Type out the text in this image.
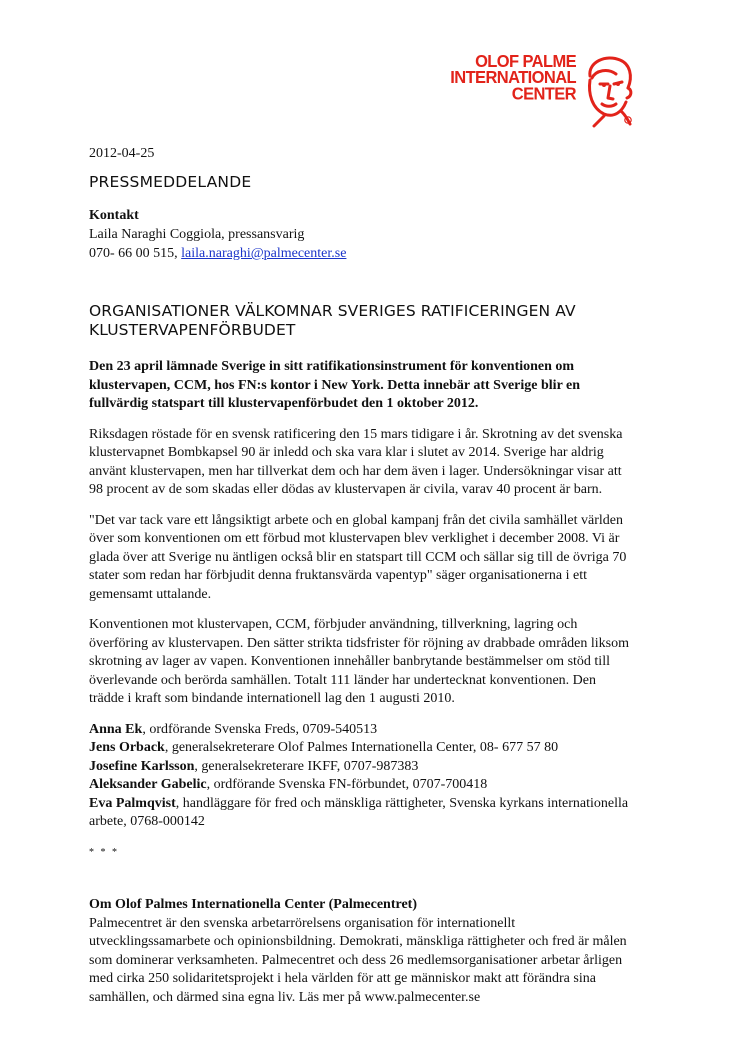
OLOF PALME
INTERNATIONAL
CENTER
2012-04-25
PRESSMEDDELANDE
Kontakt
Laila Naraghi Coggiola, pressansvarig
070- 66 00 515, laila.naraghi@palmecenter.se
ORGANISATIONER VÄLKOMNAR SVERIGES RATIFICERINGEN AV KLUSTERVAPENFÖRBUDET

Den 23 april lämnade Sverige in sitt ratifikationsinstrument för konventionen om klustervapen, CCM, hos FN:s kontor i New York. Detta innebär att Sverige blir en fullvärdig statspart till klustervapenförbudet den 1 oktober 2012.

Riksdagen röstade för en svensk ratificering den 15 mars tidigare i år. Skrotning av det svenska klustervapnet Bombkapsel 90 är inledd och ska vara klar i slutet av 2014. Sverige har aldrig använt klustervapen, men har tillverkat dem och har dem även i lager. Undersökningar visar att 98 procent av de som skadas eller dödas av klustervapen är civila, varav 40 procent är barn.

"Det var tack vare ett långsiktigt arbete och en global kampanj från det civila samhället världen över som konventionen om ett förbud mot klustervapen blev verklighet i december 2008. Vi är glada över att Sverige nu äntligen också blir en statspart till CCM och sällar sig till de övriga 70 stater som redan har förbjudit denna fruktansvärda vapentyp" säger organisationerna i ett gemensamt uttalande.

Konventionen mot klustervapen, CCM, förbjuder användning, tillverkning, lagring och överföring av klustervapen. Den sätter strikta tidsfrister för röjning av drabbade områden liksom skrotning av lager av vapen. Konventionen innehåller banbrytande bestämmelser om stöd till överlevande och berörda samhällen. Totalt 111 länder har undertecknat konventionen. Den trädde i kraft som bindande internationell lag den 1 augusti 2010.

Anna Ek, ordförande Svenska Freds, 0709-540513

Jens Orback, generalsekreterare Olof Palmes Internationella Center, 08- 677 57 80

Josefine Karlsson, generalsekreterare IKFF, 0707-987383

Aleksander Gabelic, ordförande Svenska FN-förbundet, 0707-700418

Eva Palmqvist, handläggare för fred och mänskliga rättigheter, Svenska kyrkans internationella arbete, 0768-000142

* * *
Om Olof Palmes Internationella Center (Palmecentret)
Palmecentret är den svenska arbetarrörelsens organisation för internationellt utvecklingssamarbete och opinionsbildning. Demokrati, mänskliga rättigheter och fred är målen som dominerar verksamheten. Palmecentret och dess 26 medlemsorganisationer arbetar årligen med cirka 250 solidaritetsprojekt i hela världen för att ge människor makt att förändra sina samhällen, och därmed sina egna liv. Läs mer på www.palmecenter.se
